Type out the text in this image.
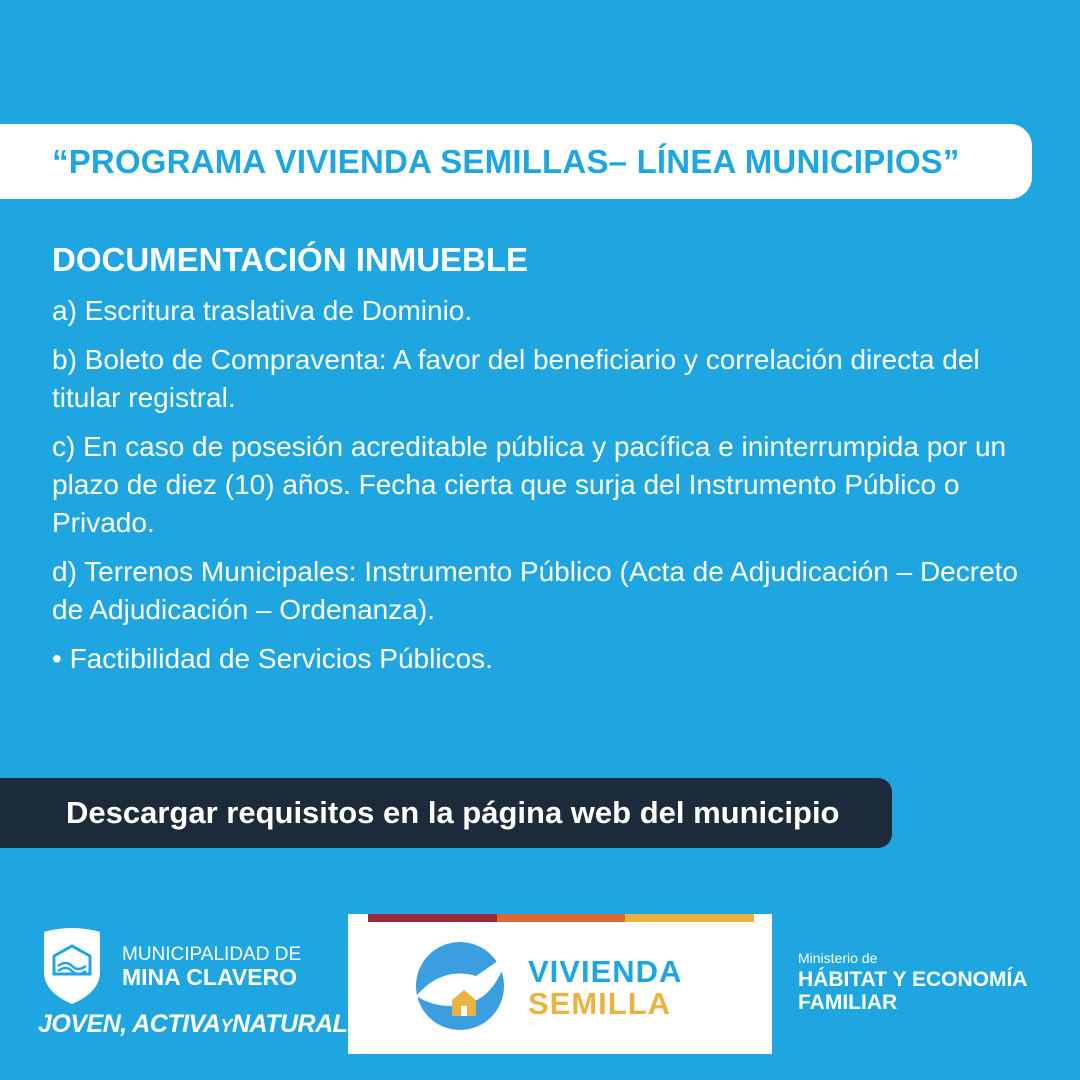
“PROGRAMA VIVIENDA SEMILLAS– LÍNEA MUNICIPIOS”
DOCUMENTACIÓN INMUEBLE
a) Escritura traslativa de Dominio.
b) Boleto de Compraventa: A favor del beneficiario y correlación directa del titular registral.
c) En caso de posesión acreditable pública y pacífica e ininterrumpida por un plazo de diez (10) años. Fecha cierta que surja del Instrumento Público o Privado.
d) Terrenos Municipales: Instrumento Público (Acta de Adjudicación – Decreto de Adjudicación – Ordenanza).
• Factibilidad de Servicios Públicos.
Descargar requisitos en la página web del municipio
MUNICIPALIDAD DE
MINA CLAVERO
JOVEN, ACTIVAYNATURAL
VIVIENDA
SEMILLA
Ministerio de
HÁBITAT Y ECONOMÍA
FAMILIAR
